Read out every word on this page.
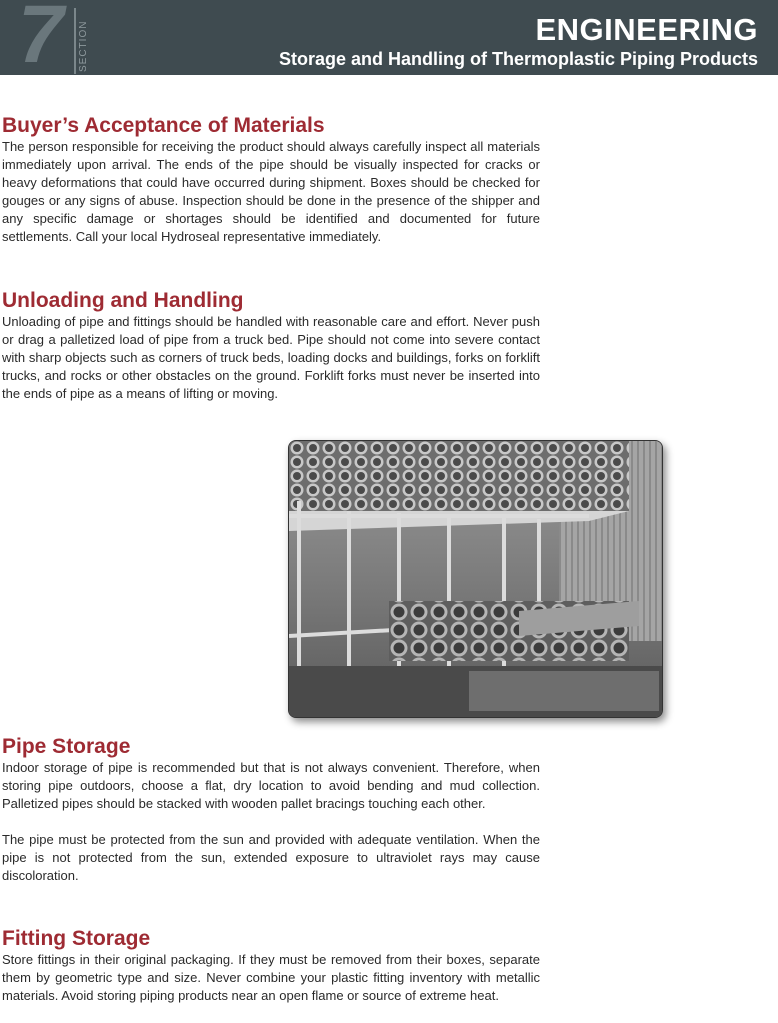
7 SECTION	ENGINEERING
Storage and Handling of Thermoplastic Piping Products
Buyer’s Acceptance of Materials

The person responsible for receiving the product should always carefully inspect all materials immediately upon arrival. The ends of the pipe should be visually inspected for cracks or heavy deformations that could have occurred during shipment. Boxes should be checked for gouges or any signs of abuse. Inspection should be done in the presence of the shipper and any specific damage or shortages should be identified and documented for future settlements. Call your local Hydroseal representative immediately.

Unloading and Handling

Unloading of pipe and fittings should be handled with reasonable care and effort. Never push or drag a palletized load of pipe from a truck bed. Pipe should not come into severe contact with sharp objects such as corners of truck beds, loading docks and buildings, forks on forklift trucks, and rocks or other obstacles on the ground. Forklift forks must never be inserted into the ends of pipe as a means of lifting or moving.

Pipe Storage

Indoor storage of pipe is recommended but that is not always convenient. Therefore, when storing pipe outdoors, choose a flat, dry location to avoid bending and mud collection. Palletized pipes should be stacked with wooden pallet bracings touching each other.

The pipe must be protected from the sun and provided with adequate ventilation. When the pipe is not protected from the sun, extended exposure to ultraviolet rays may cause discoloration.

Fitting Storage

Store fittings in their original packaging. If they must be removed from their boxes, separate them by geometric type and size. Never combine your plastic fitting inventory with metallic materials. Avoid storing piping products near an open flame or source of extreme heat.
